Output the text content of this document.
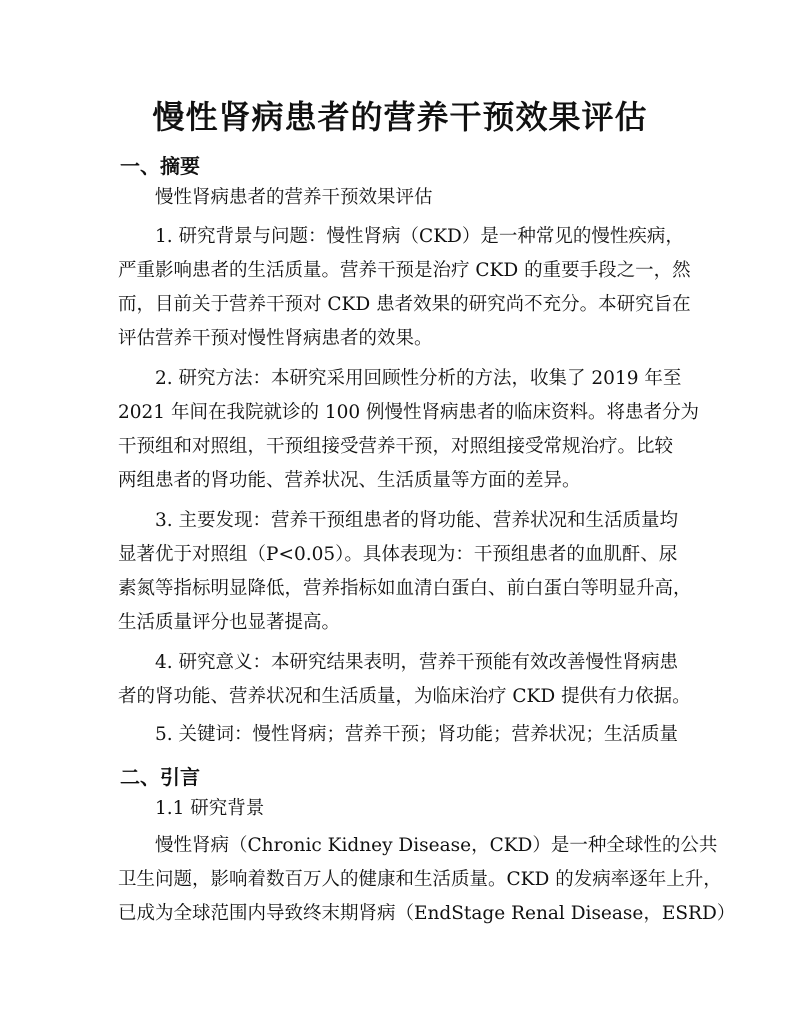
慢性肾病患者的营养干预效果评估
一、摘要
慢性肾病患者的营养干预效果评估
1. 研究背景与问题：慢性肾病（CKD）是一种常见的慢性疾病，
严重影响患者的生活质量。营养干预是治疗 CKD 的重要手段之一，然
而，目前关于营养干预对 CKD 患者效果的研究尚不充分。本研究旨在
评估营养干预对慢性肾病患者的效果。
2. 研究方法：本研究采用回顾性分析的方法，收集了 2019 年至
2021 年间在我院就诊的 100 例慢性肾病患者的临床资料。将患者分为
干预组和对照组，干预组接受营养干预，对照组接受常规治疗。比较
两组患者的肾功能、营养状况、生活质量等方面的差异。
3. 主要发现：营养干预组患者的肾功能、营养状况和生活质量均
显著优于对照组（P<0.05）。具体表现为：干预组患者的血肌酐、尿
素氮等指标明显降低，营养指标如血清白蛋白、前白蛋白等明显升高，
生活质量评分也显著提高。
4. 研究意义：本研究结果表明，营养干预能有效改善慢性肾病患
者的肾功能、营养状况和生活质量，为临床治疗 CKD 提供有力依据。
5. 关键词：慢性肾病；营养干预；肾功能；营养状况；生活质量
二、引言
1.1 研究背景
慢性肾病（Chronic Kidney Disease，CKD）是一种全球性的公共
卫生问题，影响着数百万人的健康和生活质量。CKD 的发病率逐年上升，
已成为全球范围内导致终末期肾病（EndStage Renal Disease，ESRD）
